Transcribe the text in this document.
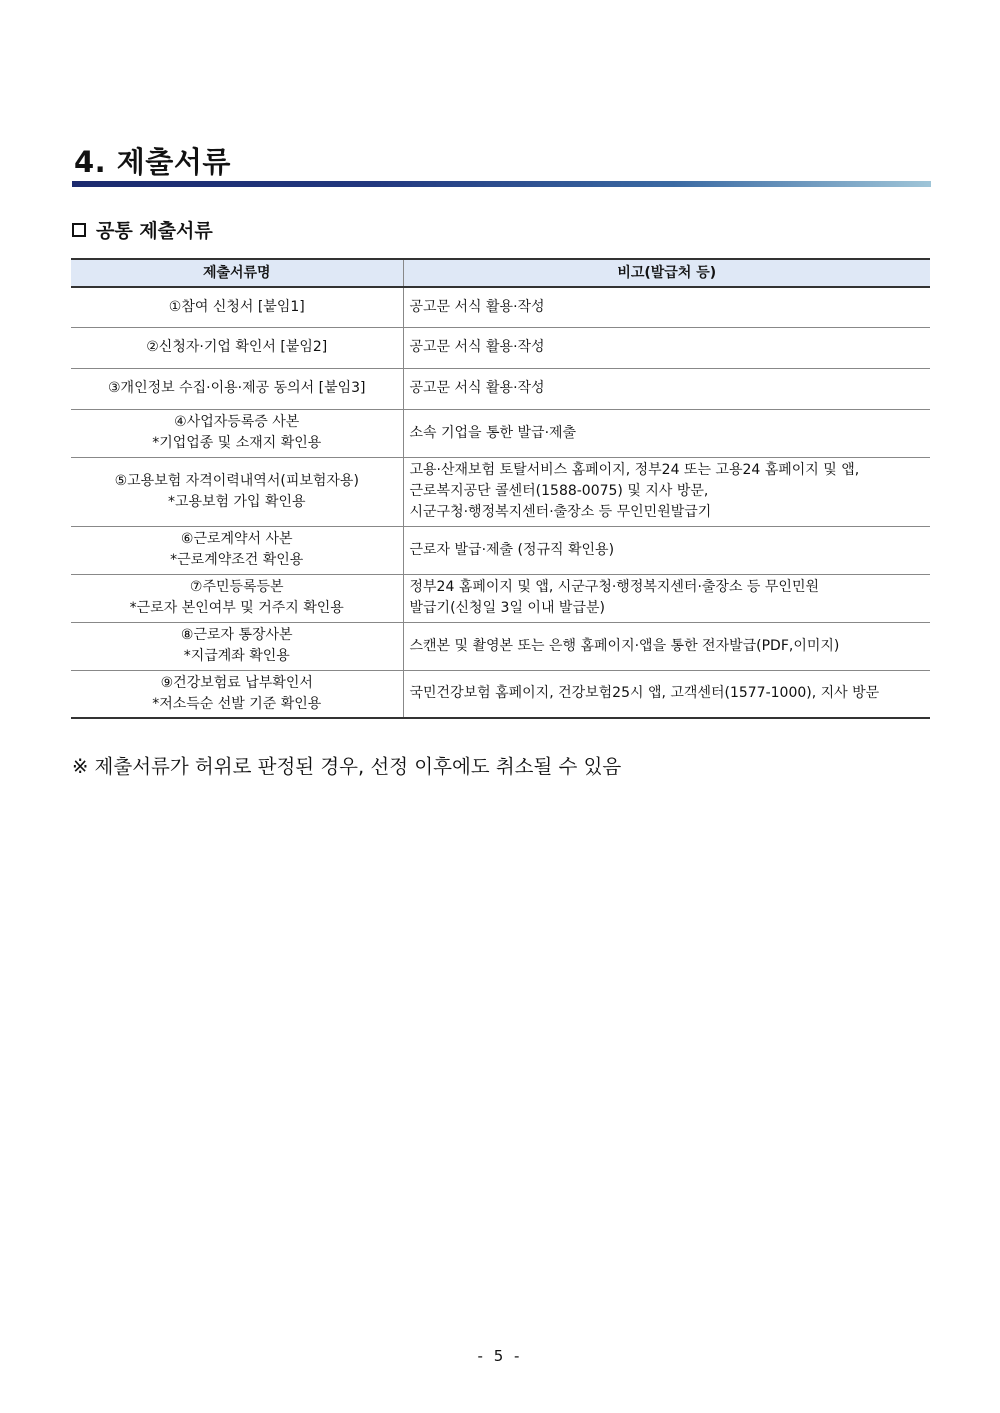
4. 제출서류
공통 제출서류
제출서류명	비고(발급처 등)

①참여 신청서 [붙임1]	공고문 서식 활용·작성

②신청자·기업 확인서 [붙임2]	공고문 서식 활용·작성

③개인정보 수집·이용·제공 동의서 [붙임3]	공고문 서식 활용·작성

④사업자등록증 사본
*기업업종 및 소재지 확인용	소속 기업을 통한 발급·제출

⑤고용보험 자격이력내역서(피보험자용)
*고용보험 가입 확인용	고용·산재보험 토탈서비스 홈페이지, 정부24 또는 고용24 홈페이지 및 앱,
근로복지공단 콜센터(1588-0075) 및 지사 방문,
시군구청·행정복지센터·출장소 등 무인민원발급기

⑥근로계약서 사본
*근로계약조건 확인용	근로자 발급·제출 (정규직 확인용)

⑦주민등록등본
*근로자 본인여부 및 거주지 확인용	정부24 홈페이지 및 앱, 시군구청·행정복지센터·출장소 등 무인민원
발급기(신청일 3일 이내 발급분)

⑧근로자 통장사본
*지급계좌 확인용	스캔본 및 촬영본 또는 은행 홈페이지·앱을 통한 전자발급(PDF,이미지)

⑨건강보험료 납부확인서
*저소득순 선발 기준 확인용	국민건강보험 홈페이지, 건강보험25시 앱, 고객센터(1577-1000), 지사 방문
※ 제출서류가 허위로 판정된 경우, 선정 이후에도 취소될 수 있음
- 5 -
